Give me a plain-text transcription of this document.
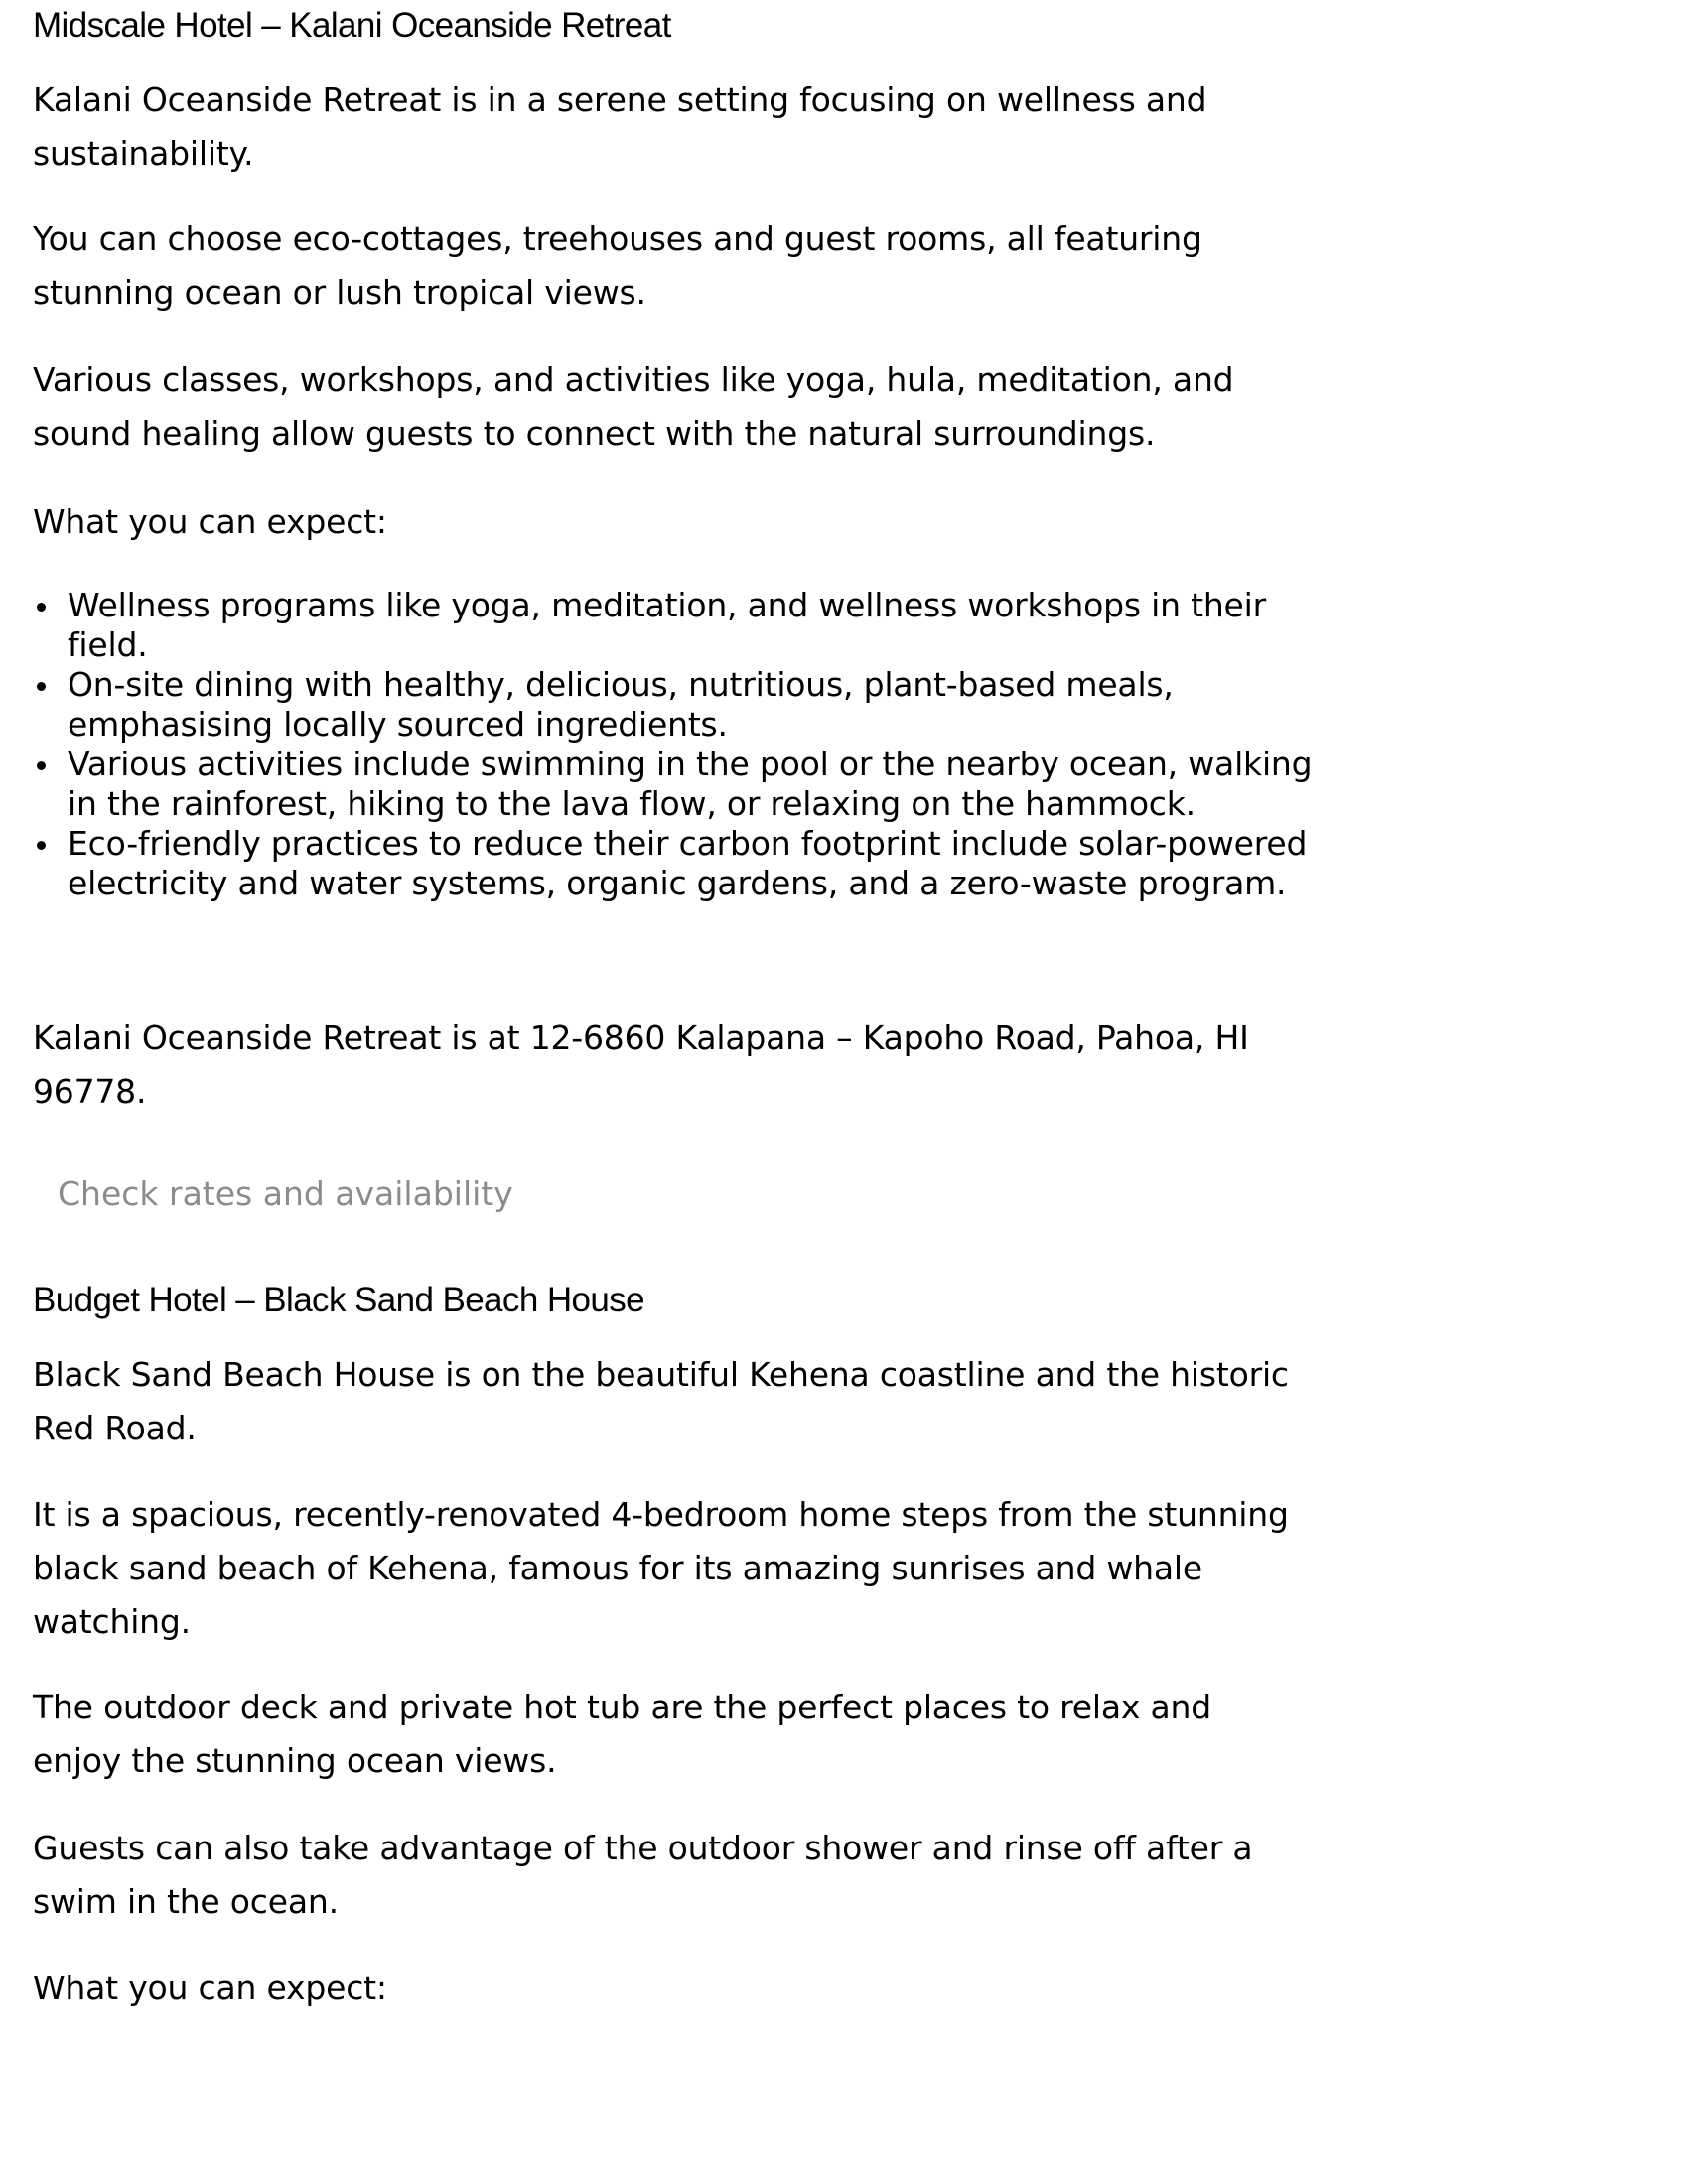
Midscale Hotel – Kalani Oceanside Retreat

Kalani Oceanside Retreat is in a serene setting focusing on wellness and sustainability.

You can choose eco-cottages, treehouses and guest rooms, all featuring stunning ocean or lush tropical views.

Various classes, workshops, and activities like yoga, hula, meditation, and sound healing allow guests to connect with the natural surroundings.

What you can expect:

Wellness programs like yoga, meditation, and wellness workshops in their field.
On-site dining with healthy, delicious, nutritious, plant-based meals, emphasising locally sourced ingredients.
Various activities include swimming in the pool or the nearby ocean, walking in the rainforest, hiking to the lava flow, or relaxing on the hammock.
Eco-friendly practices to reduce their carbon footprint include solar-powered electricity and water systems, organic gardens, and a zero-waste program.

Kalani Oceanside Retreat is at 12-6860 Kalapana – Kapoho Road, Pahoa, HI 96778.

Check rates and availability
Budget Hotel – Black Sand Beach House

Black Sand Beach House is on the beautiful Kehena coastline and the historic Red Road.

It is a spacious, recently-renovated 4-bedroom home steps from the stunning black sand beach of Kehena, famous for its amazing sunrises and whale watching.

The outdoor deck and private hot tub are the perfect places to relax and enjoy the stunning ocean views.

Guests can also take advantage of the outdoor shower and rinse off after a swim in the ocean.

What you can expect:
